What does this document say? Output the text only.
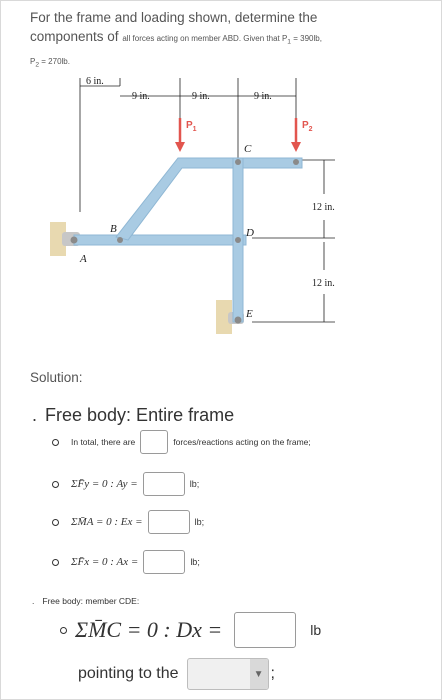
For the frame and loading shown, determine the
components of all forces acting on member ABD. Given that $P_1 = 390lb$,
$P_2 = 270lb$.
6 in.
9 in.	9 in.	9 in.
12 in.
12 in.
A
B
C
D
E
$P_1$	$P_2$
Solution:
. Free body: Entire frame
In total, there are	forces/reactions acting on the frame;
ΣF̄y = 0 : Ay =	lb;
ΣM̄A = 0 : Ex =	lb;
ΣF̄x = 0 : Ax =	lb;
. Free body: member CDE:
ΣM̄C = 0 : Dx =	lb
pointing to the	▼ ;
